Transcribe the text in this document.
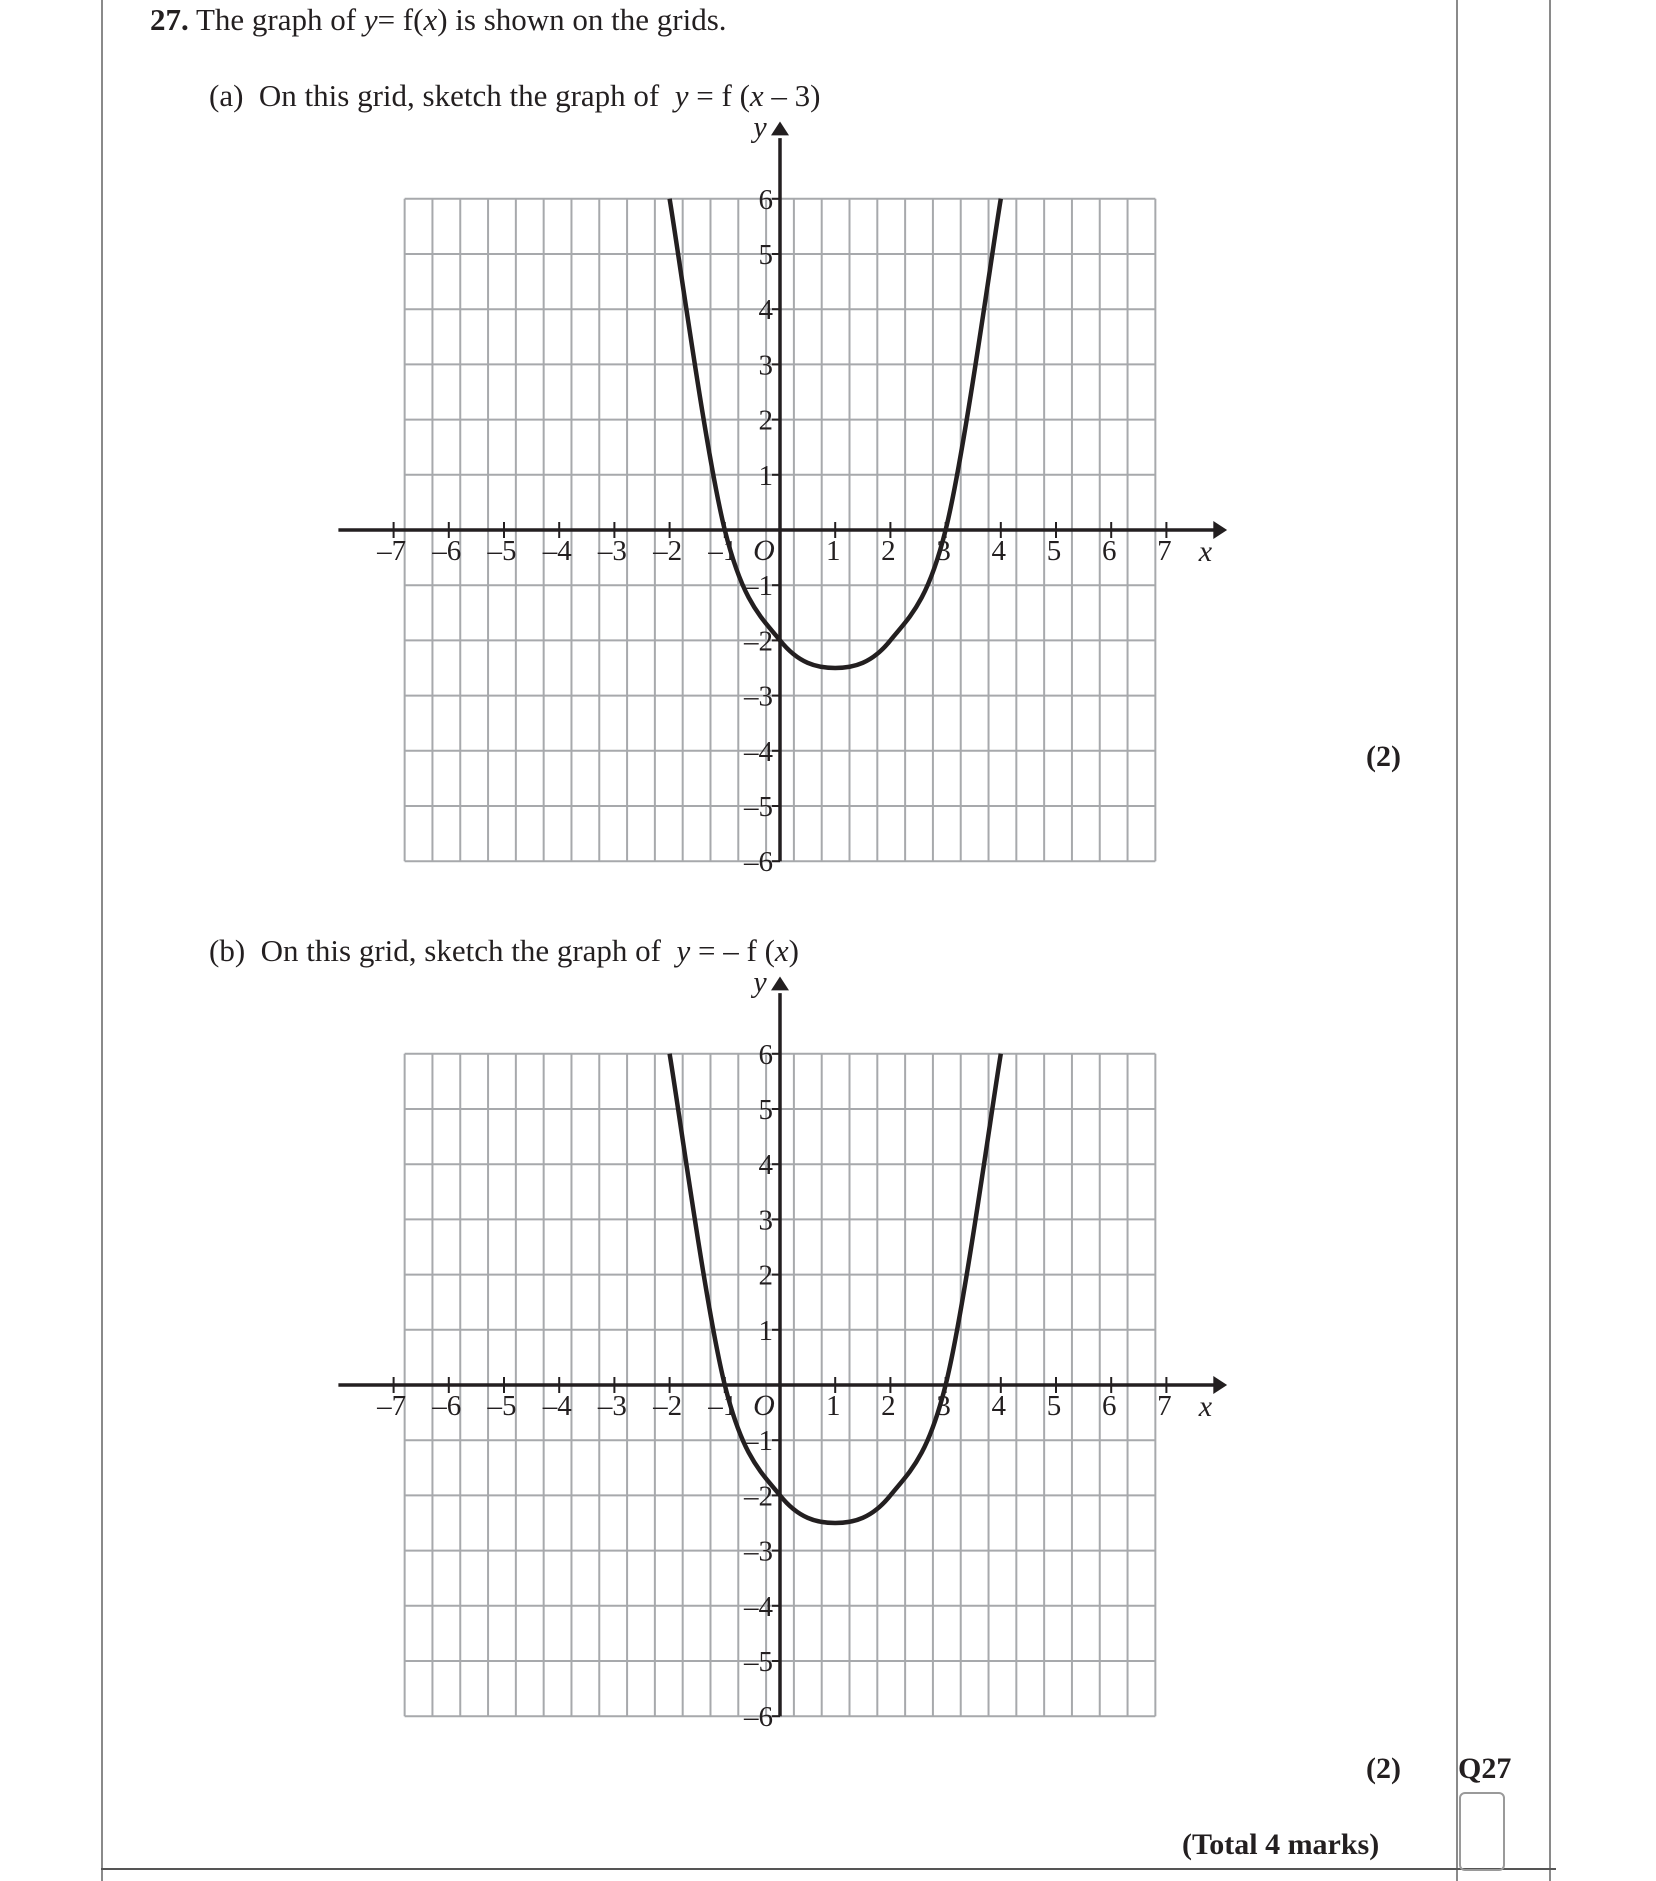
27. The graph of y= f(x) is shown on the grids.
(a) On this grid, sketch the graph of y = f (x – 3)
–7 –6 –5 –4 –3 –2 –1	1 2 3 4 5 6 7
6
5
4
3
2
1
–1
–2
–3
–4
–5
–6
y
x
O
(2)
(b) On this grid, sketch the graph of y = – f (x)
–7 –6 –5 –4 –3 –2 –1	1 2 3 4 5 6 7
6
5
4
3
2
1
–1
–2
–3
–4
–5
–6
y
x
O
(2) Q27
(Total 4 marks)
